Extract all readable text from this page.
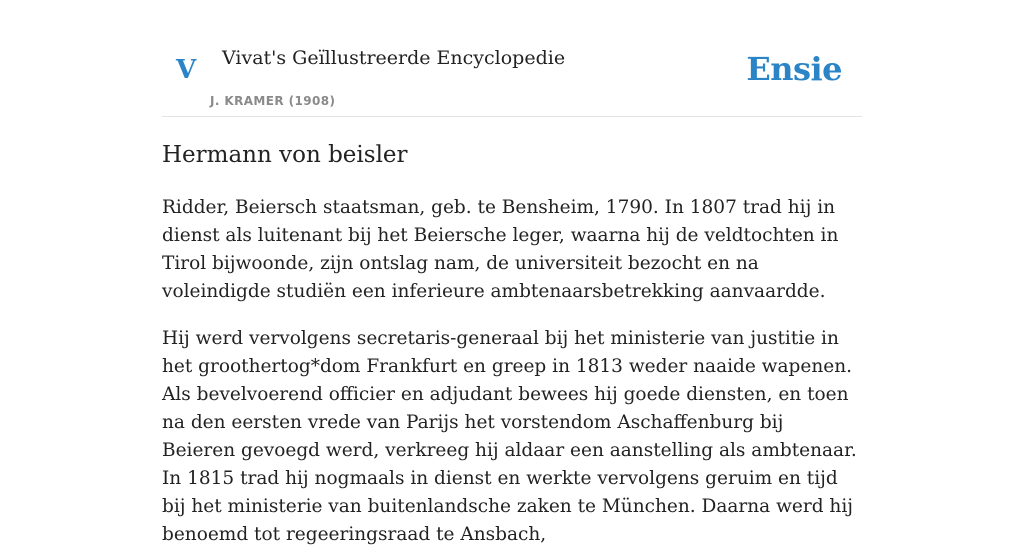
V Vivat's Geïllustreerde Encyclopedie
J. KRAMER (1908)
Ensie
Hermann von beisler

Ridder, Beiersch staatsman, geb. te Bensheim, 1790. In 1807 trad hij in dienst als luitenant bij het Beiersche leger, waarna hij de veldtochten in Tirol bijwoonde, zijn ontslag nam, de universiteit bezocht en na voleindigde studiën een inferieure ambtenaarsbetrekking aanvaardde.

Hij werd vervolgens secretaris-generaal bij het ministerie van justitie in het groothertog*dom Frankfurt en greep in 1813 weder naaide wapenen. Als bevelvoerend officier en adjudant bewees hij goede diensten, en toen na den eersten vrede van Parijs het vorstendom Aschaffenburg bij Beieren gevoegd werd, verkreeg hij aldaar een aanstelling als ambtenaar. In 1815 trad hij nogmaals in dienst en werkte vervolgens geruim en tijd bij het ministerie van buitenlandsche zaken te München. Daarna werd hij benoemd tot regeeringsraad te Ansbach,
